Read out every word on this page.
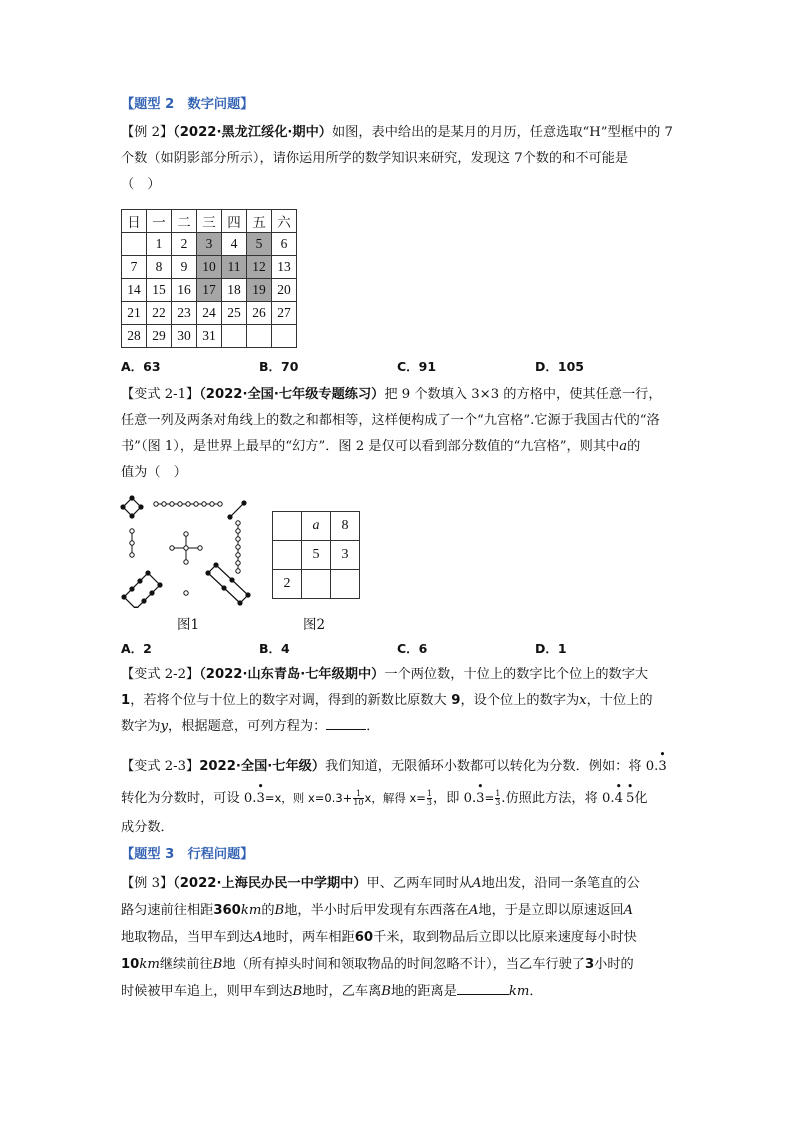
【题型 2　数字问题】
【例 2】（2022·黑龙江绥化·期中）如图，表中给出的是某月的月历，任意选取“H”型框中的 7
个数（如阴影部分所示），请你运用所学的数学知识来研究，发现这 7个数的和不可能是
（　）
日	一	二	三	四	五	六
	1	2	3	4	5	6
7	8	9	10	11	12	13
14	15	16	17	18	19	20
21	22	23	24	25	26	27
28	29	30	31			
A．63	B．70	C．91	D．105
【变式 2-1】（2022·全国·七年级专题练习）把 9 个数填入 3×3 的方格中，使其任意一行，
任意一列及两条对角线上的数之和都相等，这样便构成了一个“九宫格”.它源于我国古代的“洛
书”（图 1），是世界上最早的“幻方”．图 2 是仅可以看到部分数值的“九宫格”，则其中a的
值为（　）
图1
	a	8
	5	3
2		
图2
A．2	B．4	C．6	D．1
【变式 2-2】（2022·山东青岛·七年级期中）一个两位数，十位上的数字比个位上的数字大
1，若将个位与十位上的数字对调，得到的新数比原数大 9，设个位上的数字为x，十位上的
数字为y，根据题意，可列方程为：	．
【变式 2-3】2022·全国·七年级）我们知道，无限循环小数都可以转化为分数．例如：将 0.
•
3
转化为分数时，可设 0.
•
3=x，则 $x=0.3+ \frac{1}{10}$ x，解得 $x= \frac{1}{3}$ ，即 0.
•
$3= \frac{1}{3}$ .仿照此方法，将 0.
•
4
•
5化
成分数．
【题型 3　行程问题】
【例 3】（2022·上海民办民一中学期中）甲、乙两车同时从A地出发，沿同一条笔直的公
路匀速前往相距360km的B地，半小时后甲发现有东西落在A地，于是立即以原速返回A
地取物品，当甲车到达A地时，两车相距60千米，取到物品后立即以比原来速度每小时快
10km继续前往B地（所有掉头时间和领取物品的时间忽略不计），当乙车行驶了3小时的
时候被甲车追上，则甲车到达B地时，乙车离B地的距离是	km．
